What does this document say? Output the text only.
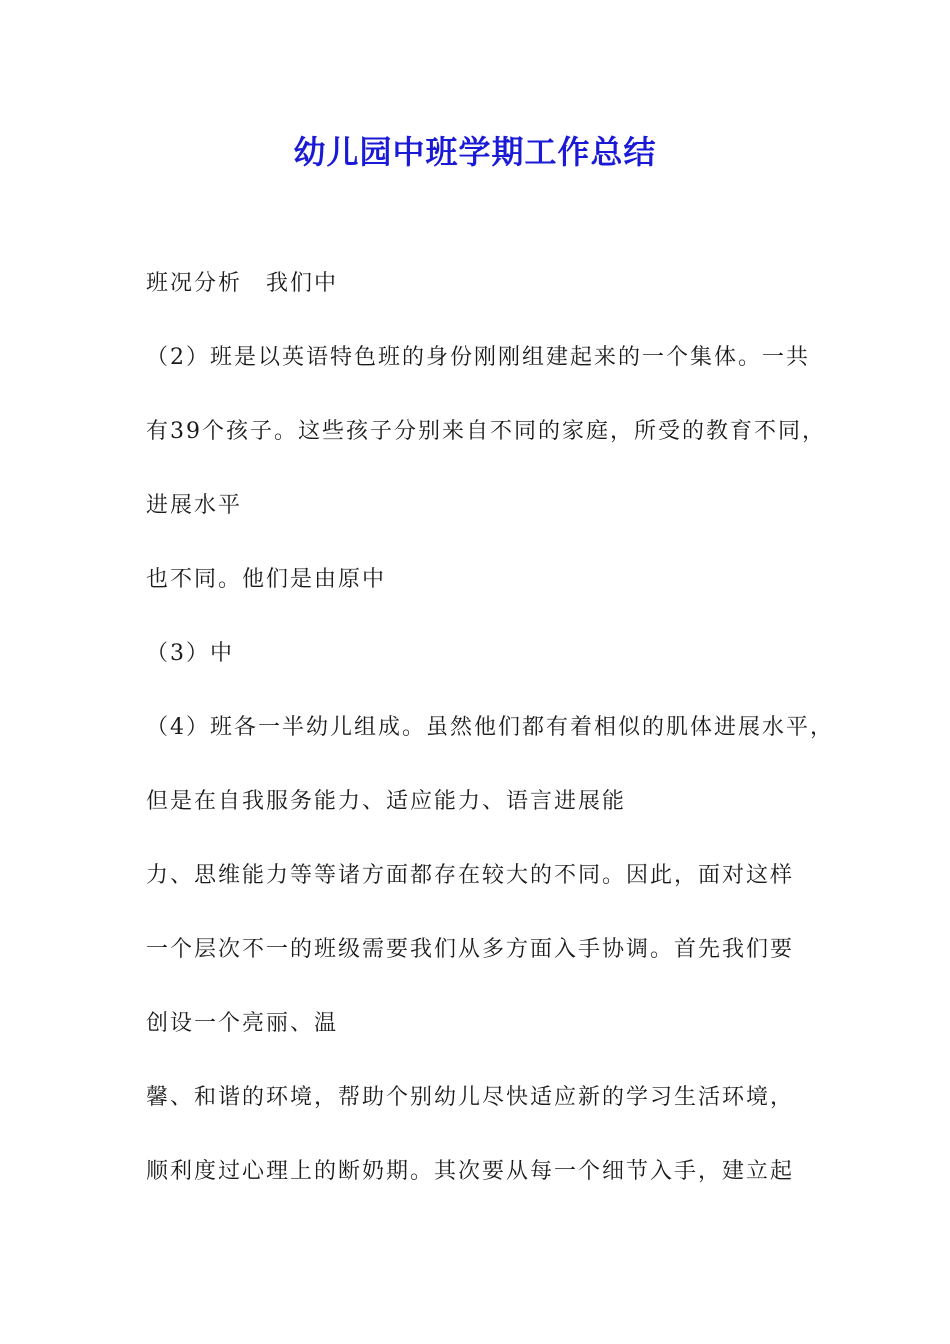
幼儿园中班学期工作总结
班况分析　我们中
（2）班是以英语特色班的身份刚刚组建起来的一个集体。一共
有39个孩子。这些孩子分别来自不同的家庭，所受的教育不同，
进展水平
也不同。他们是由原中
（3）中
（4）班各一半幼儿组成。虽然他们都有着相似的肌体进展水平，
但是在自我服务能力、适应能力、语言进展能
力、思维能力等等诸方面都存在较大的不同。因此，面对这样
一个层次不一的班级需要我们从多方面入手协调。首先我们要
创设一个亮丽、温
馨、和谐的环境，帮助个别幼儿尽快适应新的学习生活环境，
顺利度过心理上的断奶期。其次要从每一个细节入手，建立起
